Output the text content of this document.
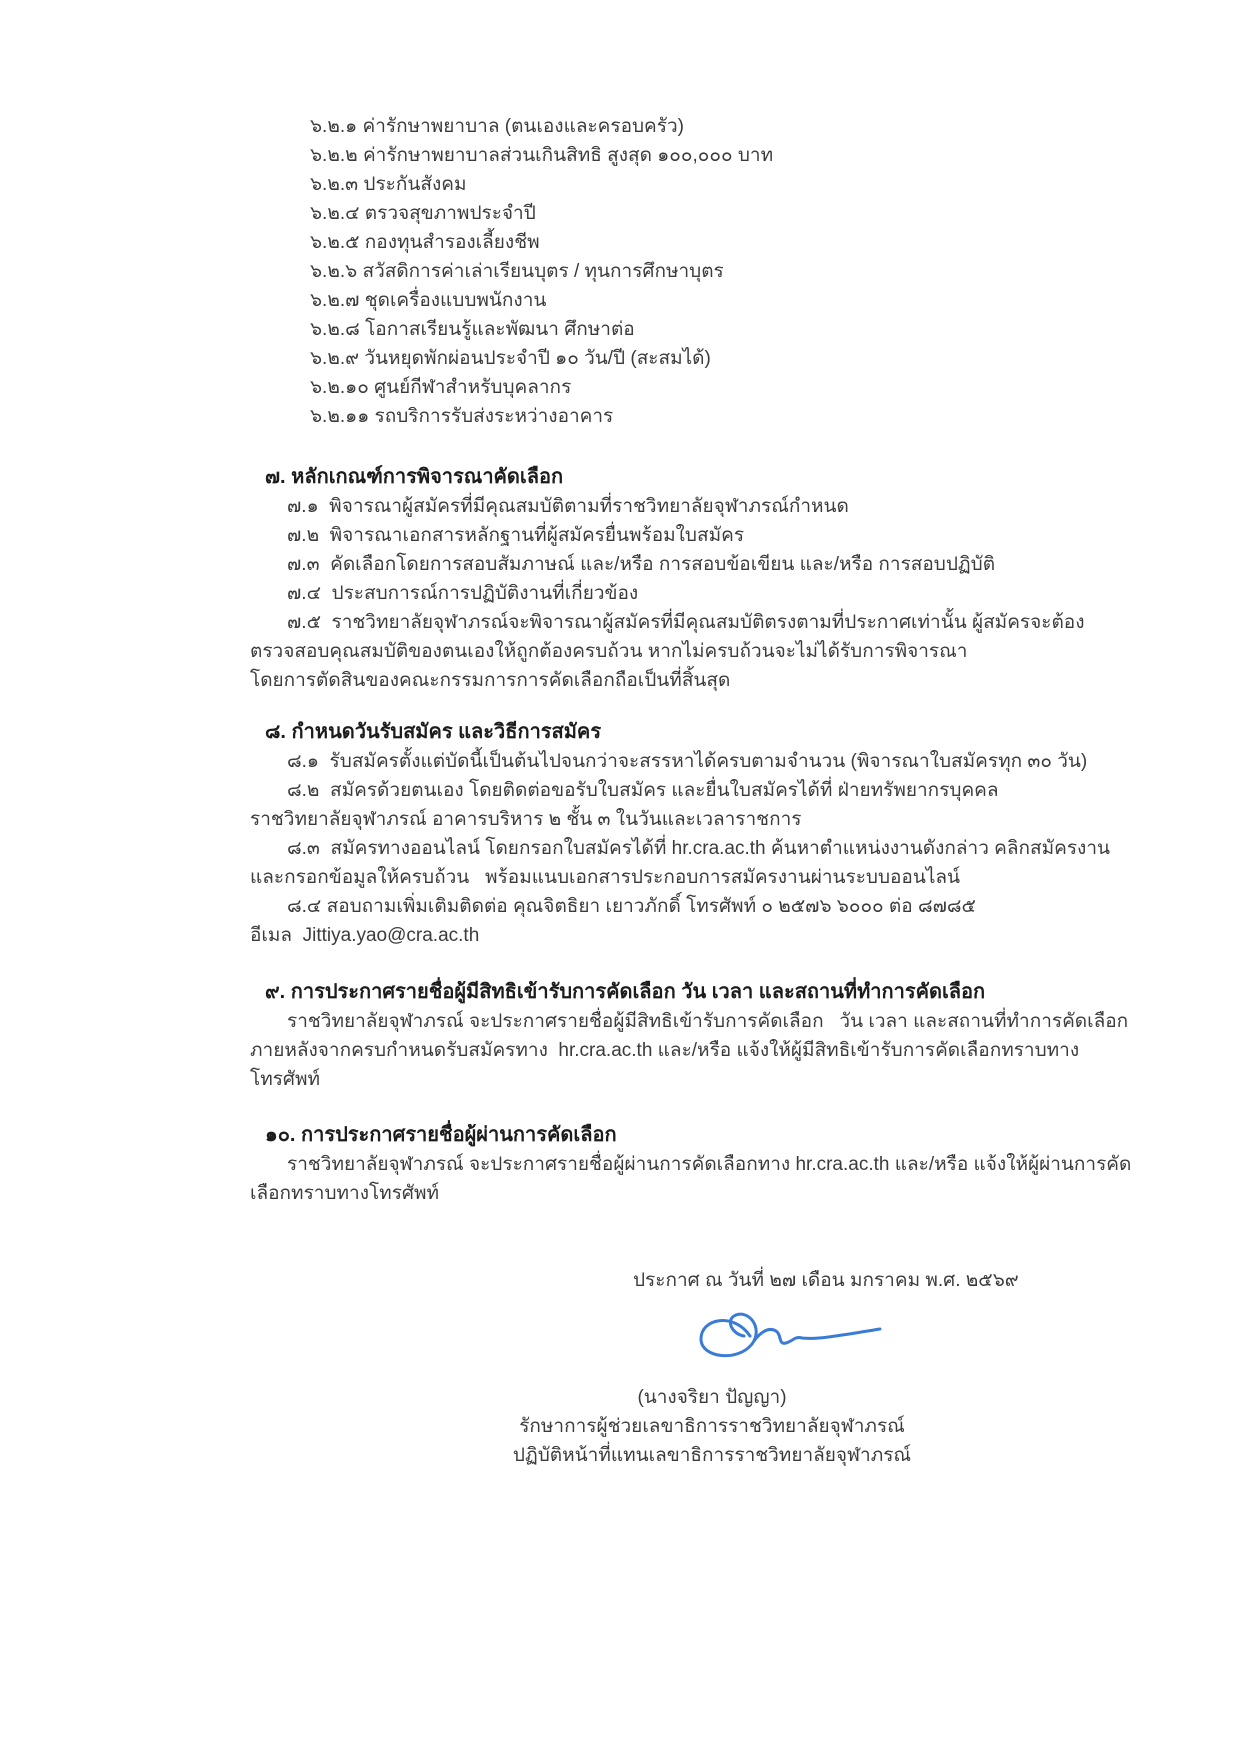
๖.๒.๑ ค่ารักษาพยาบาล (ตนเองและครอบครัว)
๖.๒.๒ ค่ารักษาพยาบาลส่วนเกินสิทธิ สูงสุด ๑๐๐,๐๐๐ บาท
๖.๒.๓ ประกันสังคม
๖.๒.๔ ตรวจสุขภาพประจำปี
๖.๒.๕ กองทุนสำรองเลี้ยงชีพ
๖.๒.๖ สวัสดิการค่าเล่าเรียนบุตร / ทุนการศึกษาบุตร
๖.๒.๗ ชุดเครื่องแบบพนักงาน
๖.๒.๘ โอกาสเรียนรู้และพัฒนา ศึกษาต่อ
๖.๒.๙ วันหยุดพักผ่อนประจำปี ๑๐ วัน/ปี (สะสมได้)
๖.๒.๑๐ ศูนย์กีฬาสำหรับบุคลากร
๖.๒.๑๑ รถบริการรับส่งระหว่างอาคาร
๗. หลักเกณฑ์การพิจารณาคัดเลือก
๗.๑  พิจารณาผู้สมัครที่มีคุณสมบัติตามที่ราชวิทยาลัยจุฬาภรณ์กำหนด
๗.๒  พิจารณาเอกสารหลักฐานที่ผู้สมัครยื่นพร้อมใบสมัคร
๗.๓  คัดเลือกโดยการสอบสัมภาษณ์ และ/หรือ การสอบข้อเขียน และ/หรือ การสอบปฏิบัติ
๗.๔  ประสบการณ์การปฏิบัติงานที่เกี่ยวข้อง
๗.๕  ราชวิทยาลัยจุฬาภรณ์จะพิจารณาผู้สมัครที่มีคุณสมบัติตรงตามที่ประกาศเท่านั้น ผู้สมัครจะต้อง
ตรวจสอบคุณสมบัติของตนเองให้ถูกต้องครบถ้วน หากไม่ครบถ้วนจะไม่ได้รับการพิจารณา
โดยการตัดสินของคณะกรรมการการคัดเลือกถือเป็นที่สิ้นสุด
๘. กำหนดวันรับสมัคร และวิธีการสมัคร
๘.๑  รับสมัครตั้งแต่บัดนี้เป็นต้นไปจนกว่าจะสรรหาได้ครบตามจำนวน (พิจารณาใบสมัครทุก ๓๐ วัน)
๘.๒  สมัครด้วยตนเอง โดยติดต่อขอรับใบสมัคร และยื่นใบสมัครได้ที่ ฝ่ายทรัพยากรบุคคล
ราชวิทยาลัยจุฬาภรณ์ อาคารบริหาร ๒ ชั้น ๓ ในวันและเวลาราชการ
๘.๓  สมัครทางออนไลน์ โดยกรอกใบสมัครได้ที่ hr.cra.ac.th ค้นหาตำแหน่งงานดังกล่าว คลิกสมัครงาน
และกรอกข้อมูลให้ครบถ้วน   พร้อมแนบเอกสารประกอบการสมัครงานผ่านระบบออนไลน์
๘.๔ สอบถามเพิ่มเติมติดต่อ คุณจิตธิยา เยาวภักดิ์ โทรศัพท์ ๐ ๒๕๗๖ ๖๐๐๐ ต่อ ๘๗๘๕
อีเมล  Jittiya.yao@cra.ac.th
๙. การประกาศรายชื่อผู้มีสิทธิเข้ารับการคัดเลือก วัน เวลา และสถานที่ทำการคัดเลือก
ราชวิทยาลัยจุฬาภรณ์ จะประกาศรายชื่อผู้มีสิทธิเข้ารับการคัดเลือก   วัน เวลา และสถานที่ทำการคัดเลือก
ภายหลังจากครบกำหนดรับสมัครทาง  hr.cra.ac.th และ/หรือ แจ้งให้ผู้มีสิทธิเข้ารับการคัดเลือกทราบทาง
โทรศัพท์
๑๐. การประกาศรายชื่อผู้ผ่านการคัดเลือก
ราชวิทยาลัยจุฬาภรณ์ จะประกาศรายชื่อผู้ผ่านการคัดเลือกทาง hr.cra.ac.th และ/หรือ แจ้งให้ผู้ผ่านการคัด
เลือกทราบทางโทรศัพท์
ประกาศ ณ วันที่ ๒๗ เดือน มกราคม พ.ศ. ๒๕๖๙
(นางจริยา ปัญญา)
รักษาการผู้ช่วยเลขาธิการราชวิทยาลัยจุฬาภรณ์
ปฏิบัติหน้าที่แทนเลขาธิการราชวิทยาลัยจุฬาภรณ์
